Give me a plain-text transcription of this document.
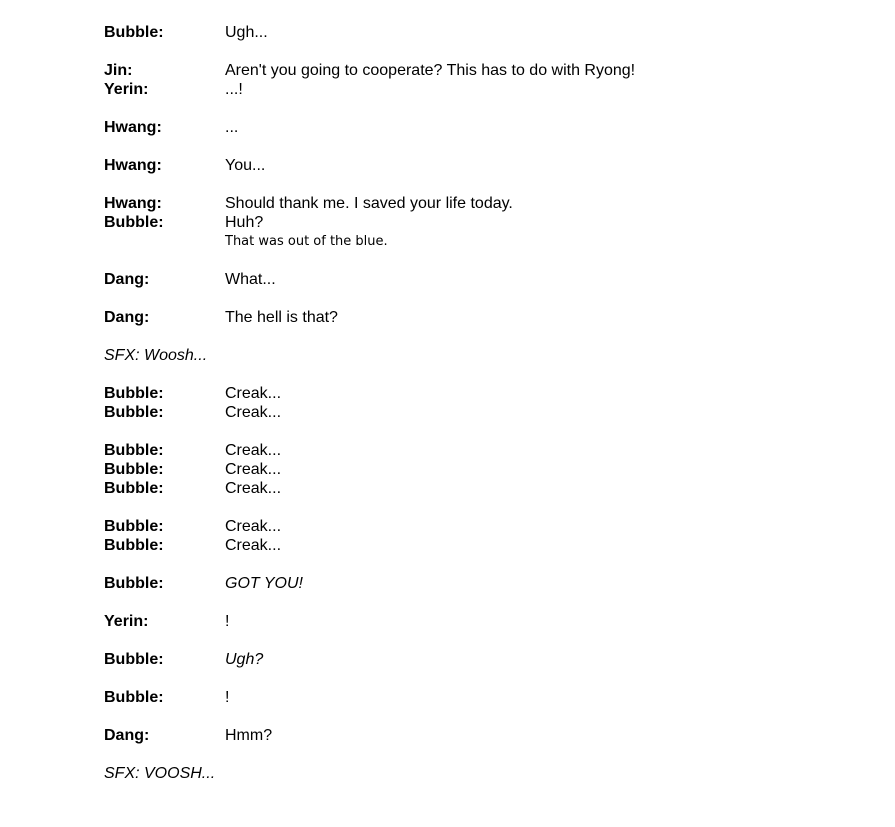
Bubble:	Ugh...
Jin:	Aren't you going to cooperate? This has to do with Ryong!
Yerin:	...!
Hwang:	...
Hwang:	You...
Hwang:	Should thank me. I saved your life today.
Bubble:	Huh?
That was out of the blue.
Dang:	What...
Dang:	The hell is that?
SFX: Woosh...
Bubble:	Creak...
Bubble:	Creak...
Bubble:	Creak...
Bubble:	Creak...
Bubble:	Creak...
Bubble:	Creak...
Bubble:	Creak...
Bubble:	GOT YOU!
Yerin:	!
Bubble:	Ugh?
Bubble:	!
Dang:	Hmm?
SFX: VOOSH...
